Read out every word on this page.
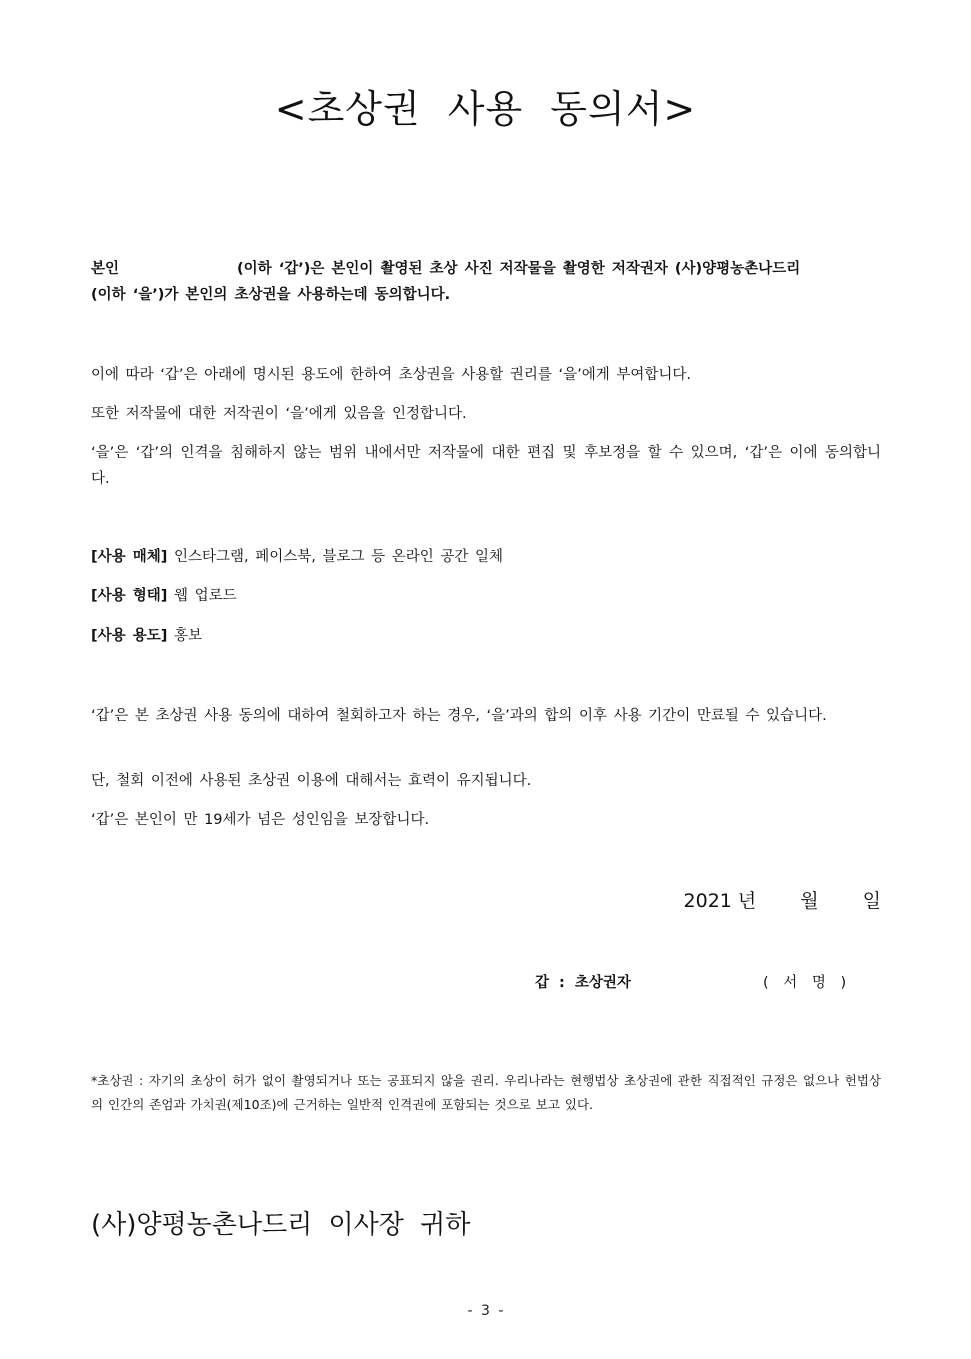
<초상권 사용 동의서>
본인	(이하 ‘갑’)은 본인이 촬영된 초상 사진 저작물을 촬영한 저작권자 (사)양평농촌나드리
(이하 ‘을’)가 본인의 초상권을 사용하는데 동의합니다.
이에 따라 ‘갑’은 아래에 명시된 용도에 한하여 초상권을 사용할 권리를 ‘을’에게 부여합니다.
또한 저작물에 대한 저작권이 ‘을’에게 있음을 인정합니다.
‘을’은 ‘갑’의 인격을 침해하지 않는 범위 내에서만 저작물에 대한 편집 및 후보정을 할 수 있으며, ‘갑’은 이에 동의합니다.
[사용 매체] 인스타그램, 페이스북, 블로그 등 온라인 공간 일체
[사용 형태] 웹 업로드
[사용 용도] 홍보
‘갑’은 본 초상권 사용 동의에 대하여 철회하고자 하는 경우, ‘을’과의 합의 이후 사용 기간이 만료될 수 있습니다.
단, 철회 이전에 사용된 초상권 이용에 대해서는 효력이 유지됩니다.
‘갑’은 본인이 만 19세가 넘은 성인임을 보장합니다.
2021 년 월 일
갑 : 초상권자	( 서 명 )
*초상권 : 자기의 초상이 허가 없이 촬영되거나 또는 공표되지 않을 권리. 우리나라는 현행법상 초상권에 관한 직접적인 규정은 없으나 헌법상의 인간의 존엄과 가치권(제10조)에 근거하는 일반적 인격권에 포함되는 것으로 보고 있다.
(사)양평농촌나드리 이사장 귀하
- 3 -
